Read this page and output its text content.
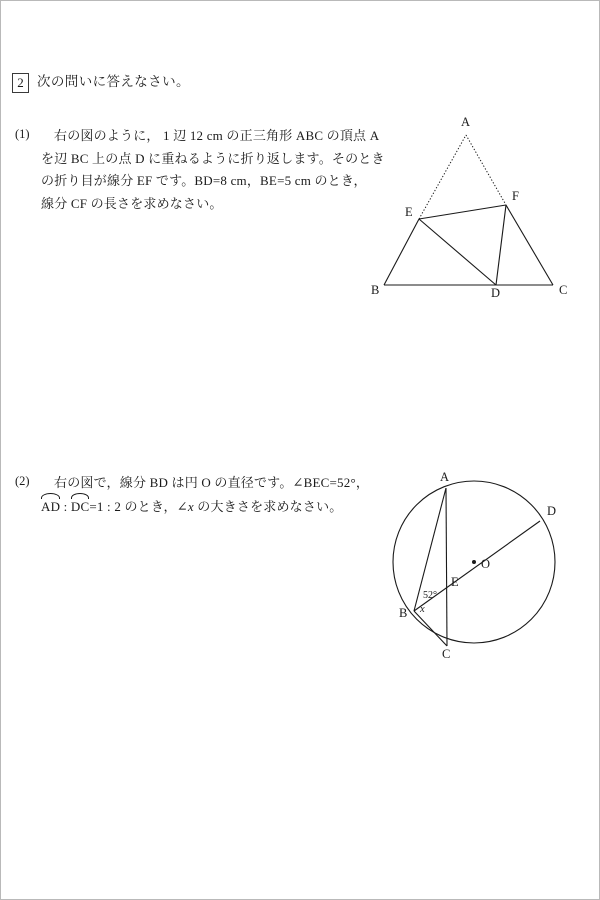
2 次の問いに答えなさい。
(1)	右の図のように， 1 辺 12 cm の正三角形 ABC の頂点 A
を辺 BC 上の点 D に重ねるように折り返します。そのとき
の折り目が線分 EF です。BD=8 cm，BE=5 cm のとき，
線分 CF の長さを求めなさい。
A
B	C
D
E
F
(2)	右の図で，線分 BD は円 O の直径です。∠BEC=52°，
AD : DC=1 : 2 のとき，∠x の大きさを求めなさい。
O
A
B
C
D
E
52°
x
